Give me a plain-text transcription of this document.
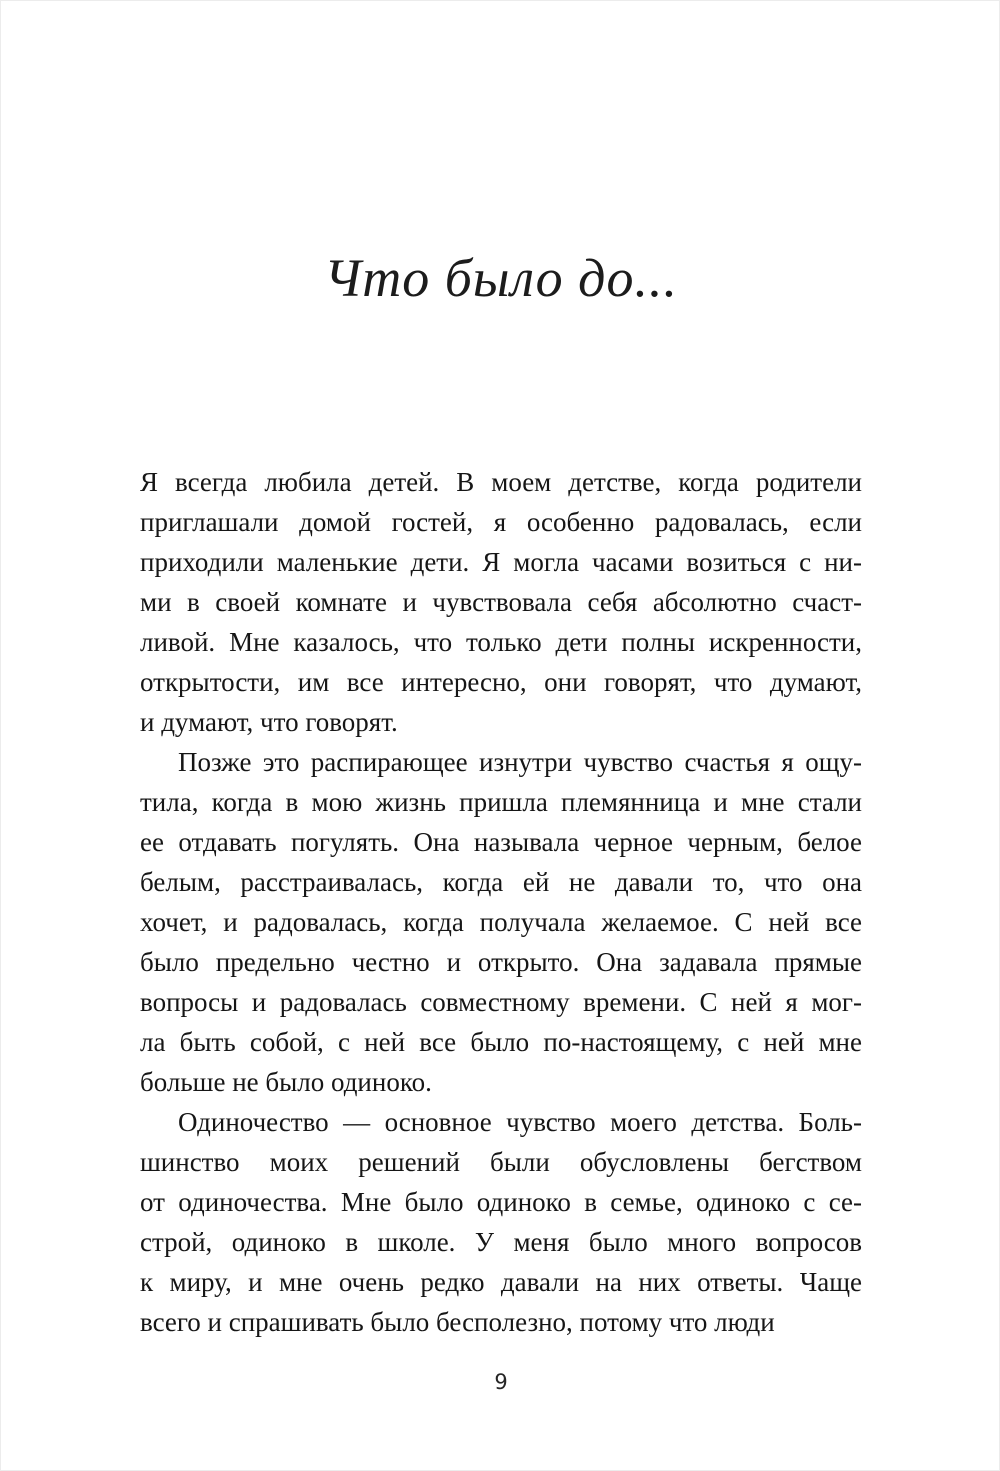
Что было до...
Я всегда любила детей. В моем детстве, когда родители
приглашали домой гостей, я особенно радовалась, если
приходили маленькие дети. Я могла часами возиться с ни-
ми в своей комнате и чувствовала себя абсолютно счаст-
ливой. Мне казалось, что только дети полны искренности,
открытости, им все интересно, они говорят, что думают,
и думают, что говорят.
Позже это распирающее изнутри чувство счастья я ощу-
тила, когда в мою жизнь пришла племянница и мне стали
ее отдавать погулять. Она называла черное черным, белое
белым, расстраивалась, когда ей не давали то, что она
хочет, и радовалась, когда получала желаемое. С ней все
было предельно честно и открыто. Она задавала прямые
вопросы и радовалась совместному времени. С ней я мог-
ла быть собой, с ней все было по-настоящему, с ней мне
больше не было одиноко.
Одиночество — основное чувство моего детства. Боль-
шинство моих решений были обусловлены бегством
от одиночества. Мне было одиноко в семье, одиноко с се-
строй, одиноко в школе. У меня было много вопросов
к миру, и мне очень редко давали на них ответы. Чаще
всего и спрашивать было бесполезно, потому что люди
9
